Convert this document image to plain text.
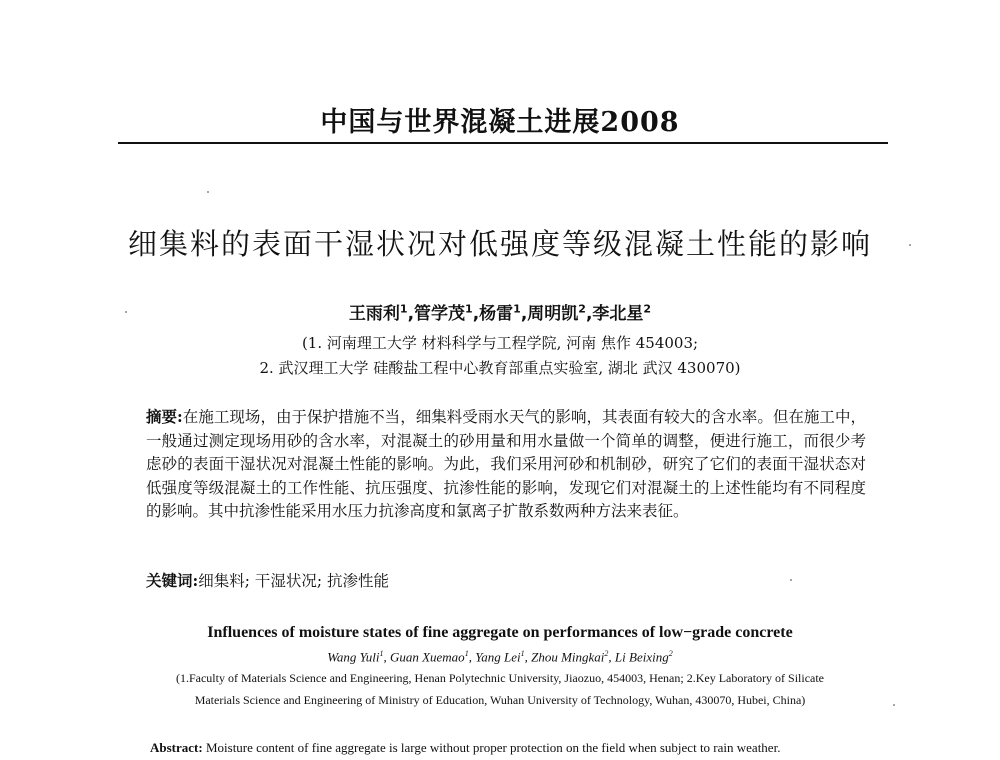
中国与世界混凝土进展2008
细集料的表面干湿状况对低强度等级混凝土性能的影响
王雨利$^1$,管学茂$^1$,杨雷$^1$,周明凯$^2$,李北星$^2$
(1. 河南理工大学 材料科学与工程学院, 河南 焦作 454003;
2. 武汉理工大学 硅酸盐工程中心教育部重点实验室, 湖北 武汉 430070)
摘要:在施工现场，由于保护措施不当，细集料受雨水天气的影响，其表面有较大的含水率。但在施工中，一般通过测定现场用砂的含水率，对混凝土的砂用量和用水量做一个简单的调整，便进行施工，而很少考虑砂的表面干湿状况对混凝土性能的影响。为此，我们采用河砂和机制砂，研究了它们的表面干湿状态对低强度等级混凝土的工作性能、抗压强度、抗渗性能的影响，发现它们对混凝土的上述性能均有不同程度的影响。其中抗渗性能采用水压力抗渗高度和氯离子扩散系数两种方法来表征。
关键词:细集料; 干湿状况; 抗渗性能
Influences of moisture states of fine aggregate on performances of low−grade concrete
Wang Yuli$^1$, Guan Xuemao$^1$, Yang Lei$^1$, Zhou Mingkai$^2$, Li Beixing$^2$
(1.Faculty of Materials Science and Engineering, Henan Polytechnic University, Jiaozuo, 454003, Henan; 2.Key Laboratory of Silicate
Materials Science and Engineering of Ministry of Education, Wuhan University of Technology, Wuhan, 430070, Hubei, China)
Abstract: Moisture content of fine aggregate is large without proper protection on the field when subject to rain weather.
